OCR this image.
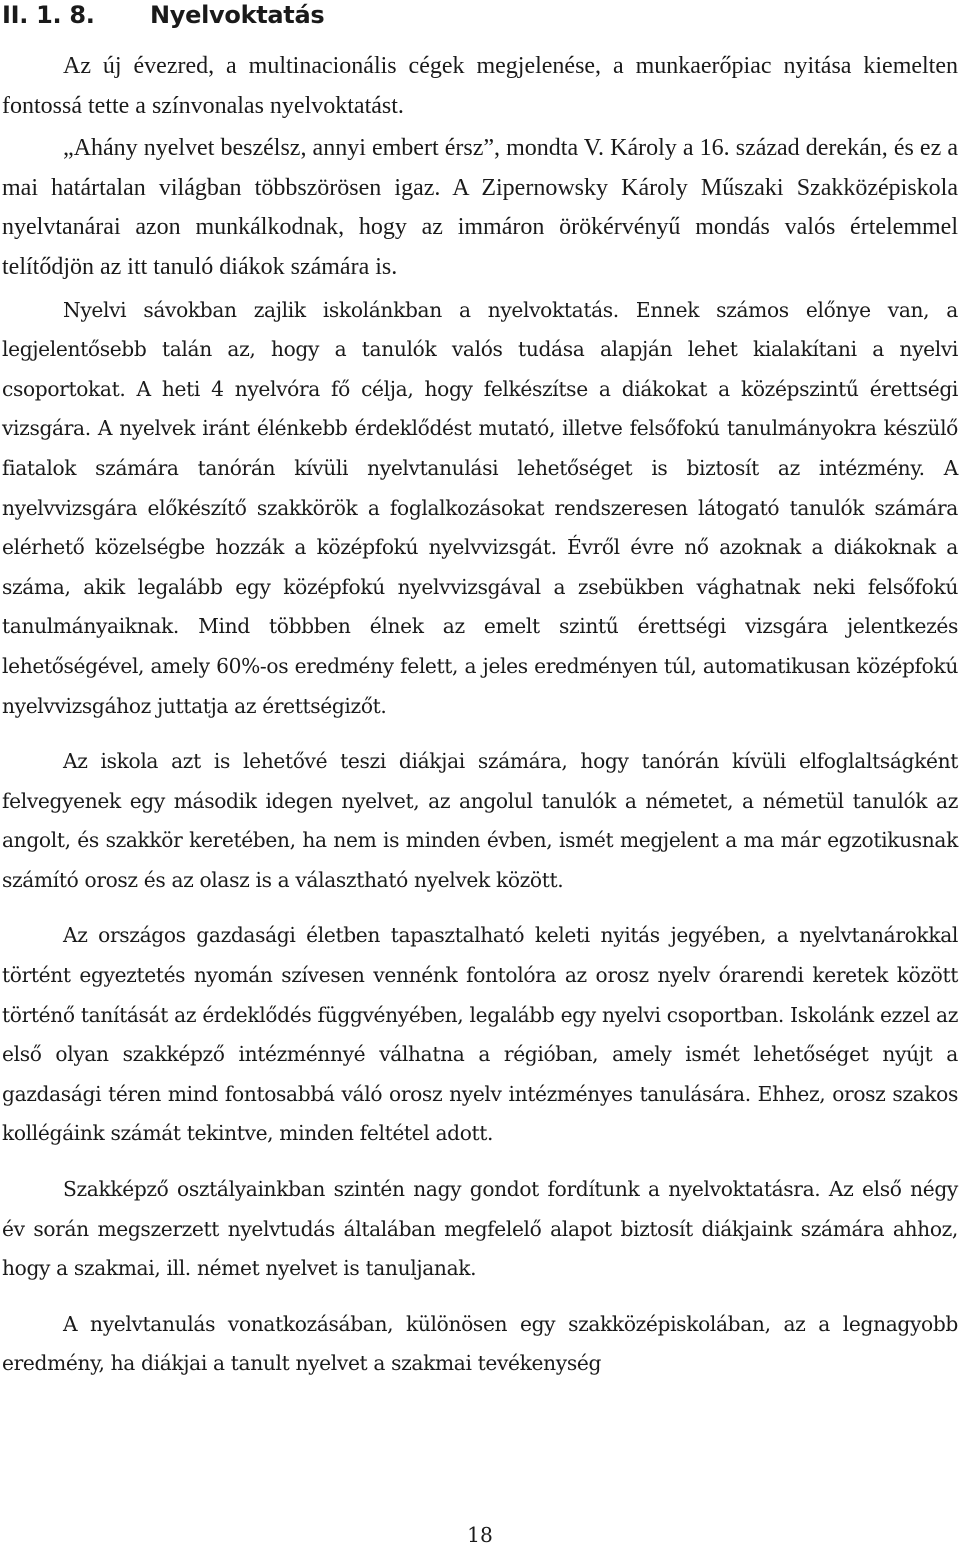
II. 1. 8. Nyelvoktatás

Az új évezred, a multinacionális cégek megjelenése, a munkaerőpiac nyitása kiemelten fontossá tette a színvonalas nyelvoktatást.

„Ahány nyelvet beszélsz, annyi embert érsz”, mondta V. Károly a 16. század derekán, és ez a mai határtalan világban többszörösen igaz. A Zipernowsky Károly Műszaki Szakközépiskola nyelvtanárai azon munkálkodnak, hogy az immáron örökérvényű mondás valós értelemmel telítődjön az itt tanuló diákok számára is.

Nyelvi sávokban zajlik iskolánkban a nyelvoktatás. Ennek számos előnye van, a legjelentősebb talán az, hogy a tanulók valós tudása alapján lehet kialakítani a nyelvi csoportokat. A heti 4 nyelvóra fő célja, hogy felkészítse a diákokat a középszintű érettségi vizsgára. A nyelvek iránt élénkebb érdeklődést mutató, illetve felsőfokú tanulmányokra készülő fiatalok számára tanórán kívüli nyelvtanulási lehetőséget is biztosít az intézmény. A nyelvvizsgára előkészítő szakkörök a foglalkozásokat rendszeresen látogató tanulók számára elérhető közelségbe hozzák a középfokú nyelvvizsgát. Évről évre nő azoknak a diákoknak a száma, akik legalább egy középfokú nyelvvizsgával a zsebükben vághatnak neki felsőfokú tanulmányaiknak. Mind többben élnek az emelt szintű érettségi vizsgára jelentkezés lehetőségével, amely 60%-os eredmény felett, a jeles eredményen túl, automatikusan középfokú nyelvvizsgához juttatja az érettségizőt.

Az iskola azt is lehetővé teszi diákjai számára, hogy tanórán kívüli elfoglaltságként felvegyenek egy második idegen nyelvet, az angolul tanulók a németet, a németül tanulók az angolt, és szakkör keretében, ha nem is minden évben, ismét megjelent a ma már egzotikusnak számító orosz és az olasz is a választható nyelvek között.

Az országos gazdasági életben tapasztalható keleti nyitás jegyében, a nyelvtanárokkal történt egyeztetés nyomán szívesen vennénk fontolóra az orosz nyelv órarendi keretek között történő tanítását az érdeklődés függvényében, legalább egy nyelvi csoportban. Iskolánk ezzel az első olyan szakképző intézménnyé válhatna a régióban, amely ismét lehetőséget nyújt a gazdasági téren mind fontosabbá váló orosz nyelv intézményes tanulására. Ehhez, orosz szakos kollégáink számát tekintve, minden feltétel adott.

Szakképző osztályainkban szintén nagy gondot fordítunk a nyelvoktatásra. Az első négy év során megszerzett nyelvtudás általában megfelelő alapot biztosít diákjaink számára ahhoz, hogy a szakmai, ill. német nyelvet is tanuljanak.

A nyelvtanulás vonatkozásában, különösen egy szakközépiskolában, az a legnagyobb eredmény, ha diákjai a tanult nyelvet a szakmai tevékenység

18
